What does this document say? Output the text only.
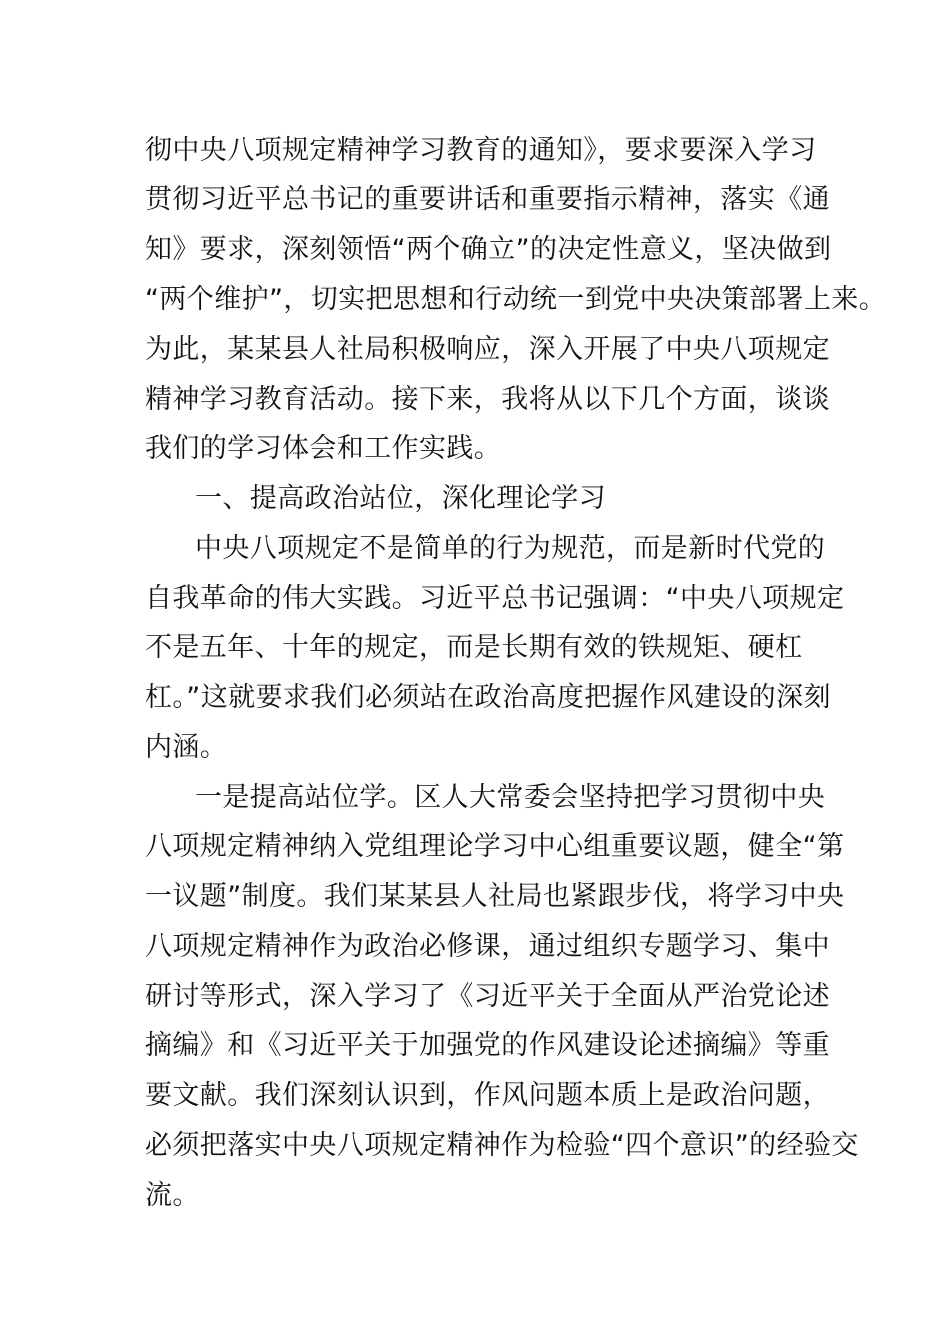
彻中央八项规定精神学习教育的通知》，要求要深入学习
贯彻习近平总书记的重要讲话和重要指示精神，落实《通
知》要求，深刻领悟“两个确立”的决定性意义，坚决做到
“两个维护”，切实把思想和行动统一到党中央决策部署上来。
为此，某某县人社局积极响应，深入开展了中央八项规定
精神学习教育活动。接下来，我将从以下几个方面，谈谈
我们的学习体会和工作实践。
一、提高政治站位，深化理论学习
中央八项规定不是简单的行为规范，而是新时代党的
自我革命的伟大实践。习近平总书记强调：“中央八项规定
不是五年、十年的规定，而是长期有效的铁规矩、硬杠
杠。”这就要求我们必须站在政治高度把握作风建设的深刻
内涵。
一是提高站位学。区人大常委会坚持把学习贯彻中央
八项规定精神纳入党组理论学习中心组重要议题，健全“第
一议题”制度。我们某某县人社局也紧跟步伐，将学习中央
八项规定精神作为政治必修课，通过组织专题学习、集中
研讨等形式，深入学习了《习近平关于全面从严治党论述
摘编》和《习近平关于加强党的作风建设论述摘编》等重
要文献。我们深刻认识到，作风问题本质上是政治问题，
必须把落实中央八项规定精神作为检验“四个意识”的经验交
流。
